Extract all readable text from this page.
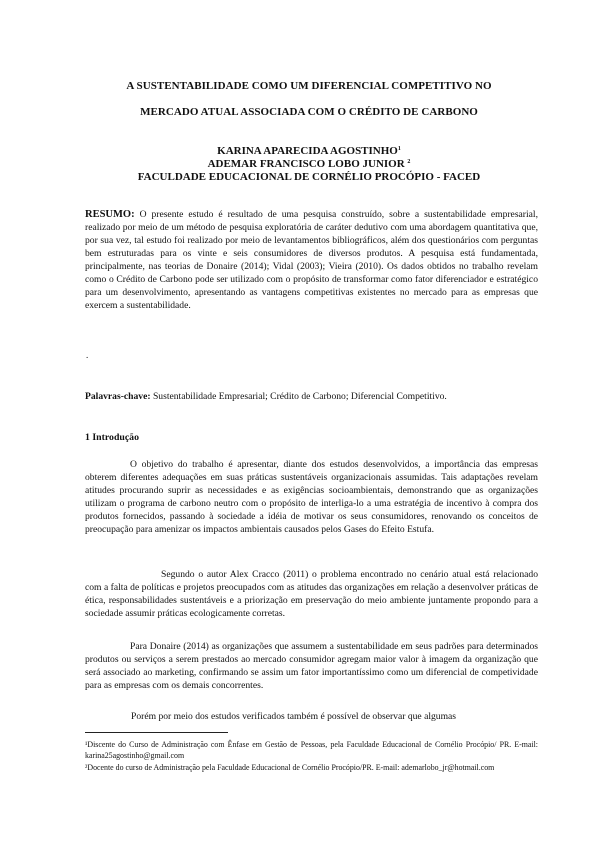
A SUSTENTABILIDADE COMO UM DIFERENCIAL COMPETITIVO NO
MERCADO ATUAL ASSOCIADA COM O CRÉDITO DE CARBONO
KARINA APARECIDA AGOSTINHO$^1$
ADEMAR FRANCISCO LOBO JUNIOR $^2$
FACULDADE EDUCACIONAL DE CORNÉLIO PROCÓPIO - FACED
RESUMO: O presente estudo é resultado de uma pesquisa construído, sobre a sustentabilidade empresarial, realizado por meio de um método de pesquisa exploratória de caráter dedutivo com uma abordagem quantitativa que, por sua vez, tal estudo foi realizado por meio de levantamentos bibliográficos, além dos questionários com perguntas bem estruturadas para os vinte e seis consumidores de diversos produtos. A pesquisa está fundamentada, principalmente, nas teorias de Donaire (2014); Vidal (2003); Vieira (2010). Os dados obtidos no trabalho revelam como o Crédito de Carbono pode ser utilizado com o propósito de transformar como fator diferenciador e estratégico para um desenvolvimento, apresentando as vantagens competitivas existentes no mercado para as empresas que exercem a sustentabilidade.
.
Palavras-chave: Sustentabilidade Empresarial; Crédito de Carbono; Diferencial Competitivo.
1 Introdução

O objetivo do trabalho é apresentar, diante dos estudos desenvolvidos, a importância das empresas obterem diferentes adequações em suas práticas sustentáveis organizacionais assumidas. Tais adaptações revelam atitudes procurando suprir as necessidades e as exigências socioambientais, demonstrando que as organizações utilizam o programa de carbono neutro com o propósito de interliga-lo a uma estratégia de incentivo à compra dos produtos fornecidos, passando à sociedade a idéia de motivar os seus consumidores, renovando os conceitos de preocupação para amenizar os impactos ambientais causados pelos Gases do Efeito Estufa.

Segundo o autor Alex Cracco (2011) o problema encontrado no cenário atual está relacionado com a falta de políticas e projetos preocupados com as atitudes das organizações em relação a desenvolver práticas de ética, responsabilidades sustentáveis e a priorização em preservação do meio ambiente juntamente propondo para a sociedade assumir práticas ecologicamente corretas.

Para Donaire (2014) as organizações que assumem a sustentabilidade em seus padrões para determinados produtos ou serviços a serem prestados ao mercado consumidor agregam maior valor à imagem da organização que será associado ao marketing, confirmando se assim um fator importantíssimo como um diferencial de competividade para as empresas com os demais concorrentes.

Porém por meio dos estudos verificados também é possível de observar que algumas

¹Discente do Curso de Administração com Ênfase em Gestão de Pessoas, pela Faculdade Educacional de Cornélio Procópio/ PR. E-mail: karina25agostinho@gmail.com

²Docente do curso de Administração pela Faculdade Educacional de Cornélio Procópio/PR. E-mail: ademarlobo_jr@hotmail.com
